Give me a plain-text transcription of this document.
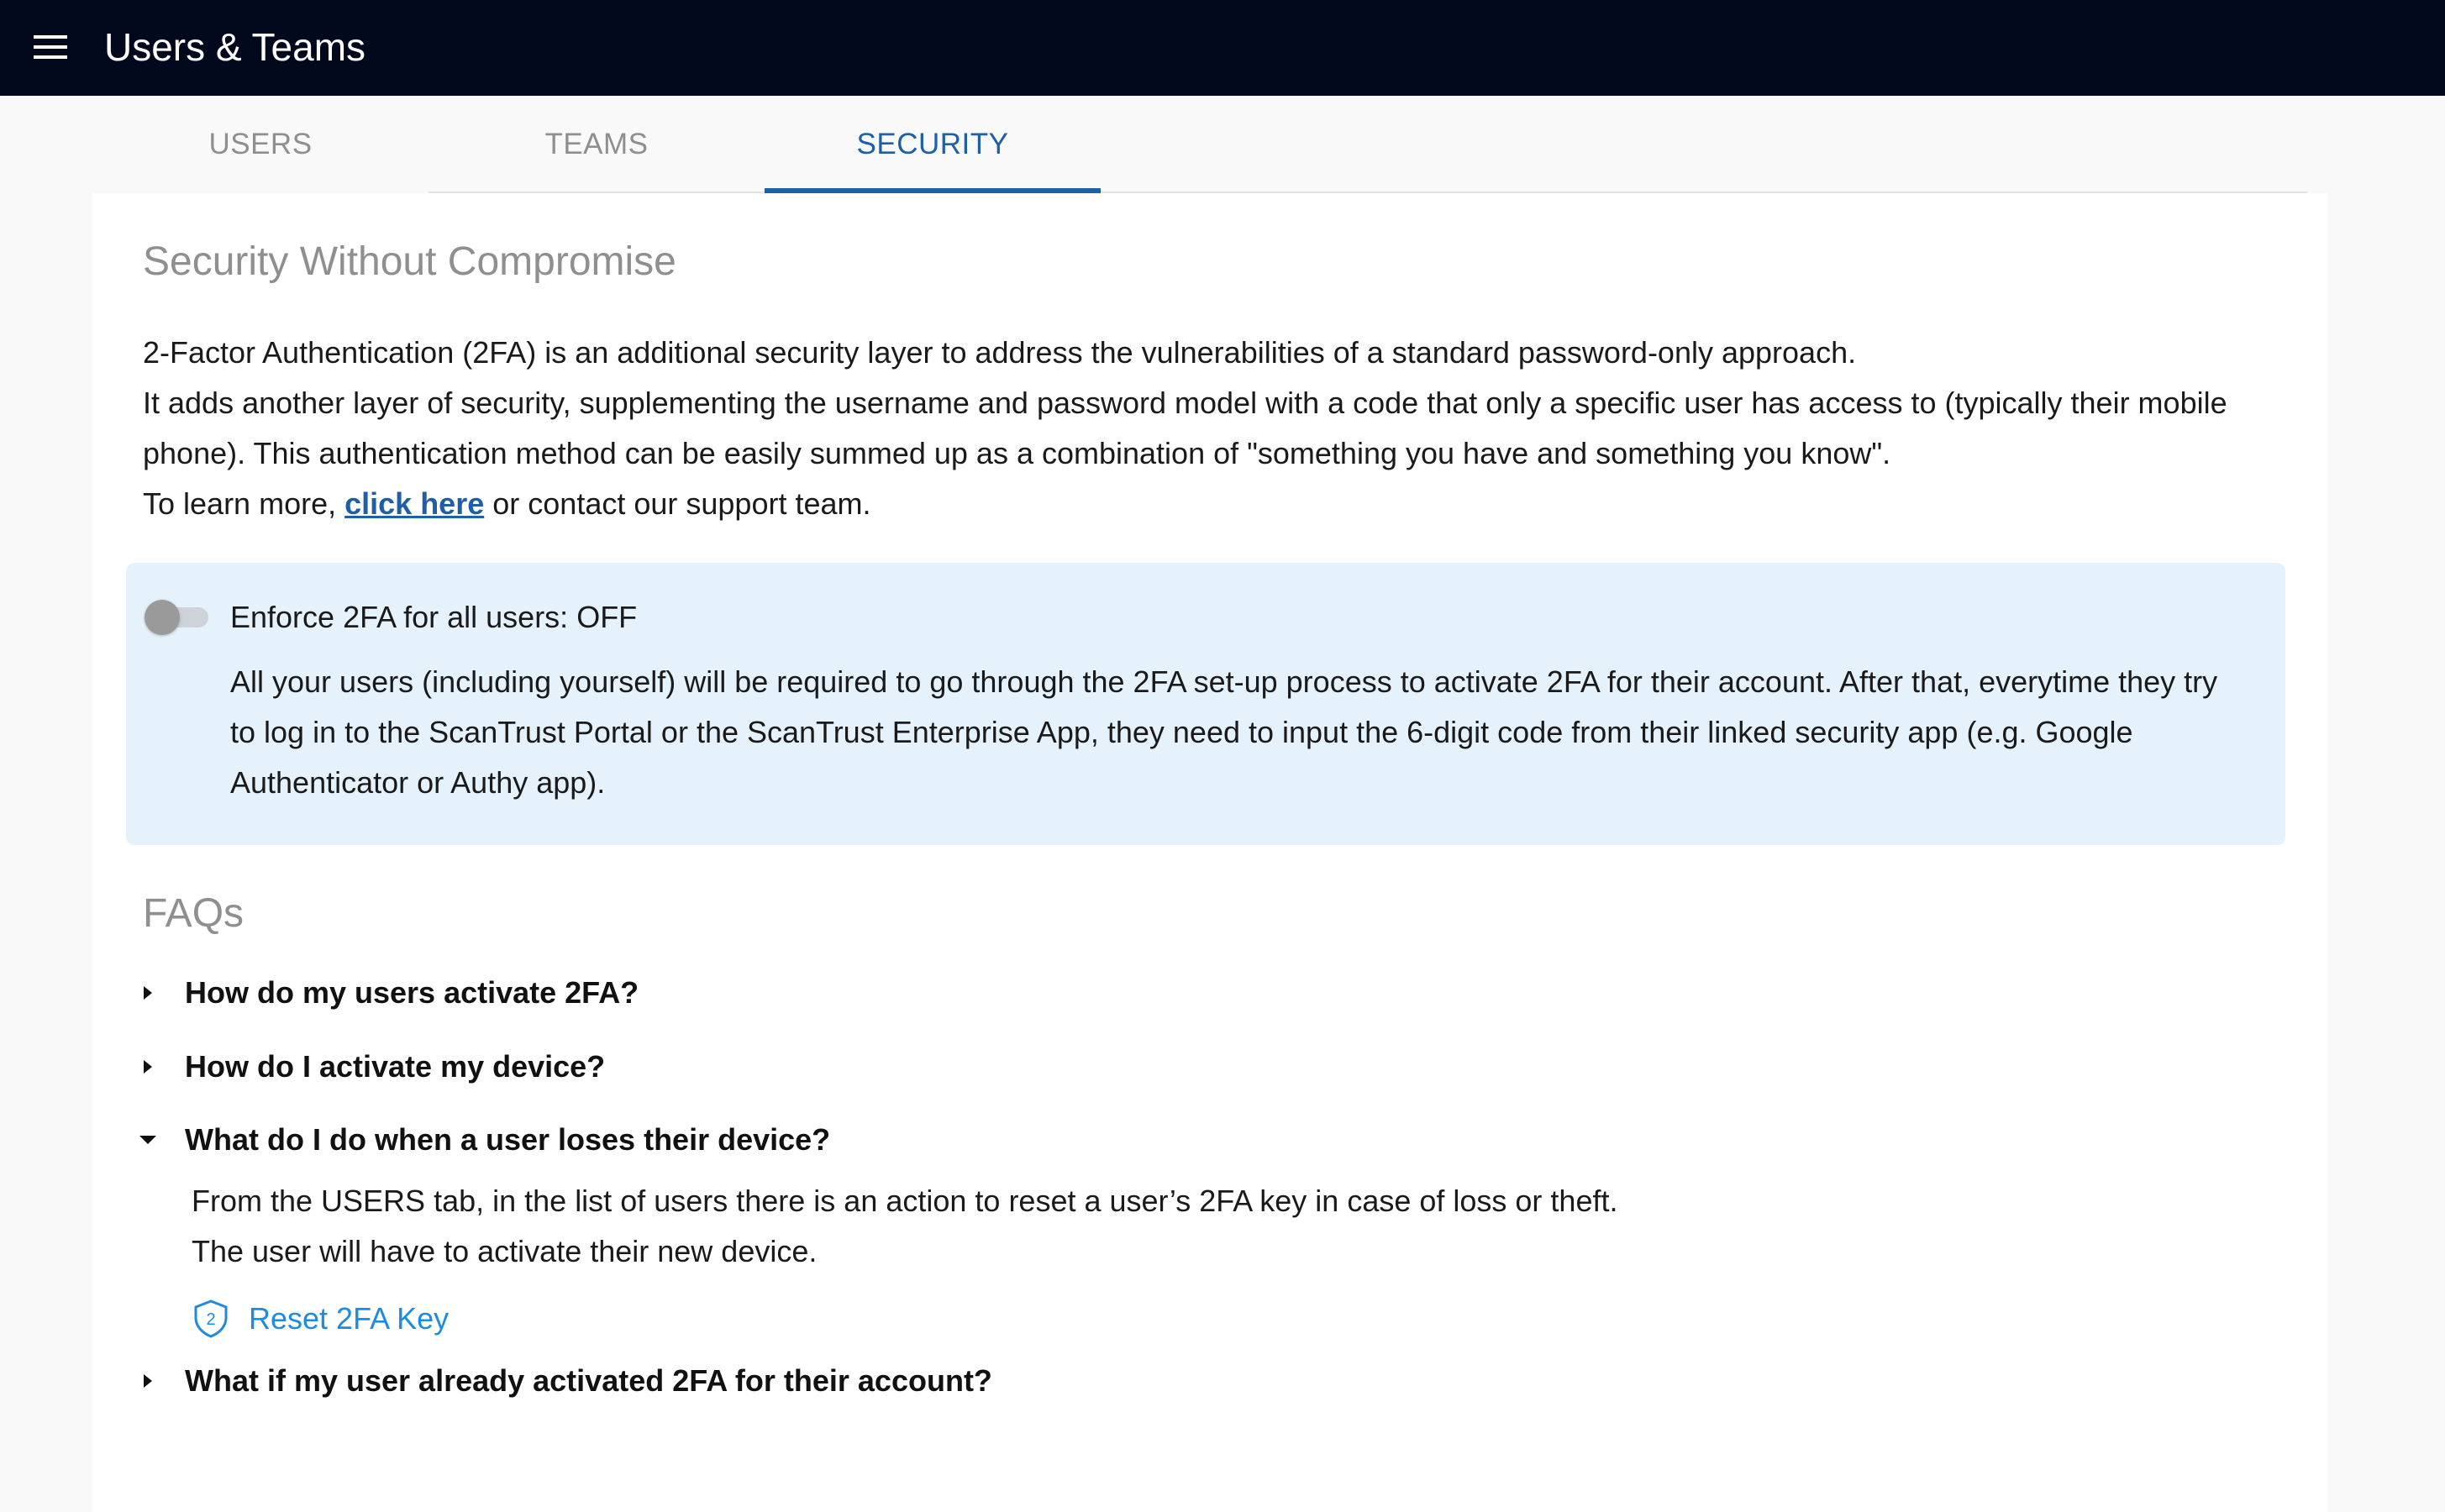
Users & Teams
USERS	TEAMS	SECURITY
Security Without Compromise

2-Factor Authentication (2FA) is an additional security layer to address the vulnerabilities of a standard password-only approach.

It adds another layer of security, supplementing the username and password model with a code that only a specific user has access to (typically their mobile phone). This authentication method can be easily summed up as a combination of "something you have and something you know".

To learn more, click here or contact our support team.

Enforce 2FA for all users: OFF
All your users (including yourself) will be required to go through the 2FA set-up process to activate 2FA for their account. After that, everytime they try to log in to the ScanTrust Portal or the ScanTrust Enterprise App, they need to input the 6-digit code from their linked security app (e.g. Google Authenticator or Authy app).
FAQs
How do my users activate 2FA?
How do I activate my device?
What do I do when a user loses their device?

From the USERS tab, in the list of users there is an action to reset a user’s 2FA key in case of loss or theft.

The user will have to activate their new device.

2 Reset 2FA Key
What if my user already activated 2FA for their account?
